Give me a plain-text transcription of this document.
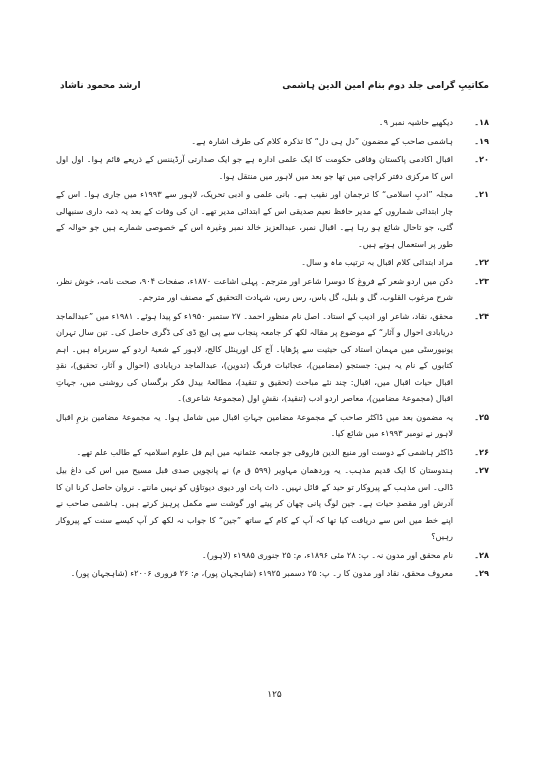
ارشد محمود ناشاد	مکاتیبِ گرامی جلد دوم بنام امین الدین ہاشمی
۱۸۔
دیکھیے حاشیہ نمبر ۹۔
۱۹۔
ہاشمی صاحب کے مضمون ”دل ہی دل“ کا تذکرہ کلام کی طرف اشارہ ہے۔
۲۰۔
اقبال اکادمی پاکستان وفاقی حکومت کا ایک علمی ادارہ ہے جو ایک صدارتی آرڈیننس کے ذریعے قائم ہوا۔ اول اول اس کا مرکزی دفتر کراچی میں تھا جو بعد میں لاہور میں منتقل ہوا۔
۲۱۔
مجلہ ”ادبِ اسلامی“ کا ترجمان اور نقیب ہے۔ بانی علمی و ادبی تحریک، لاہور سے ۱۹۹۳ء میں جاری ہوا۔ اس کے چار ابتدائی شماروں کے مدیر حافظ نعیم صدیقی اس کے ابتدائی مدیر تھے۔ ان کی وفات کے بعد یہ ذمہ داری سنبھالی گئی، جو تاحال شائع ہو رہا ہے۔ اقبال نمبر، عبدالعزیز خالد نمبر وغیرہ اس کے خصوصی شمارے ہیں جو حوالہ کے طور پر استعمال ہوتے ہیں۔
۲۲۔
مراد ابتدائی کلام اقبال بہ ترتیب ماہ و سال۔
۲۳۔
دکن میں اردو شعر کے فروغ کا دوسرا شاعر اور مترجم۔ پہلی اشاعت ۱۸۷۰ء، صفحات ۹۰۴، صحت نامہ، خوش نظر، شرح مرغوب القلوب، گل و بلبل، گل باس، رس رس، شہادت التحقیق کے مصنف اور مترجم۔
۲۴۔
محقق، نقاد، شاعر اور ادیب کے استاد۔ اصل نام منظور احمد۔ ۲۷ ستمبر ۱۹۵۰ء کو پیدا ہوئے۔ ۱۹۸۱ء میں ”عبدالماجد دریابادی احوال و آثار“ کے موضوع پر مقالہ لکھ کر جامعہ پنجاب سے پی ایچ ڈی کی ڈگری حاصل کی۔ تین سال تہران یونیورسٹی میں مہمان استاد کی حیثیت سے پڑھایا۔ آج کل اورینٹل کالج، لاہور کے شعبۂ اردو کے سربراہ ہیں۔ اہم کتابوں کے نام یہ ہیں: جستجو (مضامین)، عجائبات فرنگ (تدوین)، عبدالماجد دریابادی (احوال و آثار، تحقیق)، نقدِ اقبال حیات اقبال میں، اقبال: چند نئے مباحث (تحقیق و تنقید)، مطالعۂ بیدل فکر برگساں کی روشنی میں، جہاتِ اقبال (مجموعۂ مضامین)، معاصر اردو ادب (تنقید)، نقشِ اول (مجموعۂ شاعری)۔
۲۵۔
یہ مضمون بعد میں ڈاکٹر صاحب کے مجموعۂ مضامین جہاتِ اقبال میں شامل ہوا۔ یہ مجموعۂ مضامین بزمِ اقبال لاہور نے نومبر ۱۹۹۳ء میں شائع کیا۔
۲۶۔
ڈاکٹر ہاشمی کے دوست اور منیع الدین فاروقی جو جامعہ عثمانیہ میں ایم فل علوم اسلامیہ کے طالب علم تھے۔
۲۷۔
ہندوستان کا ایک قدیم مذہب۔ یہ وردھمان مہاویر (۵۹۹ ق م) نے پانچویں صدی قبل مسیح میں اس کی داغ بیل ڈالی۔ اس مذہب کے پیروکار تو حید کے قائل نہیں۔ ذات پات اور دیوی دیوتاؤں کو نہیں مانتے۔ نروان حاصل کرنا ان کا آدرش اور مقصدِ حیات ہے۔ جین لوگ پانی چھان کر پیتے اور گوشت سے مکمل پرہیز کرتے ہیں۔ ہاشمی صاحب نے اپنے خط میں اس سے دریافت کیا تھا کہ آپ کے کام کے ساتھ ”جین“ کا جواب نہ لکھ کر آپ کیسے سنت کے پیروکار رہیں؟
۲۸۔
نام محقق اور مدون نہ۔ پ: ۲۸ مئی ۱۸۹۶ء، م: ۲۵ جنوری ۱۹۸۵ء (لاہور)۔
۲۹۔
معروف محقق، نقاد اور مدون کا ر۔ پ: ۲۵ دسمبر ۱۹۲۵ء (شاہجہان پور)، م: ۲۶ فروری ۲۰۰۶ء (شاہجہان پور)۔
۱۲۵
